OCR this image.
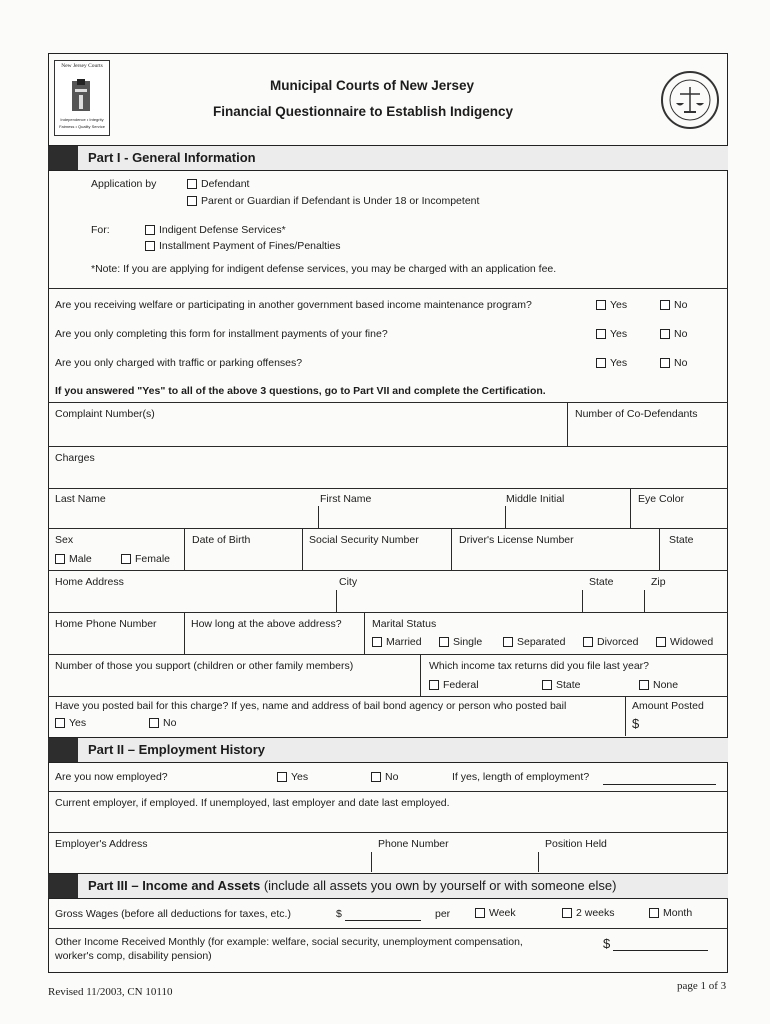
New Jersey Courts
Independence • Integrity
Fairness • Quality Service
Municipal Courts of New Jersey
Financial Questionnaire to Establish Indigency
Part I - General Information
Application by	Defendant
Parent or Guardian if Defendant is Under 18 or Incompetent
For:	Indigent Defense Services*
Installment Payment of Fines/Penalties
*Note: If you are applying for indigent defense services, you may be charged with an application fee.
Are you receiving welfare or participating in another government based income maintenance program?	Yes	No
Are you only completing this form for installment payments of your fine?	Yes	No
Are you only charged with traffic or parking offenses?	Yes	No
If you answered "Yes" to all of the above 3 questions, go to Part VII and complete the Certification.
Complaint Number(s)	Number of Co-Defendants
Charges
Last Name	First Name	Middle Initial	Eye Color
Sex
Male	Female
Date of Birth	Social Security Number	Driver's License Number	State
Home Address	City	State	Zip
Home Phone Number	How long at the above address?	Marital Status
Married	Single	Separated	Divorced	Widowed
Number of those you support (children or other family members)	Which income tax returns did you file last year?
Federal	State	None
Have you posted bail for this charge? If yes, name and address of bail bond agency or person who posted bail
Yes	No
Amount Posted
$
Part II – Employment History
Are you now employed?	Yes	No	If yes, length of employment?
Current employer, if employed. If unemployed, last employer and date last employed.
Employer's Address	Phone Number	Position Held
Part III – Income and Assets (include all assets you own by yourself or with someone else)
Gross Wages (before all deductions for taxes, etc.)	$	per	Week	2 weeks	Month
Other Income Received Monthly (for example: welfare, social security, unemployment compensation,
worker's comp, disability pension)
$
Revised 11/2003, CN 10110	page 1 of 3
